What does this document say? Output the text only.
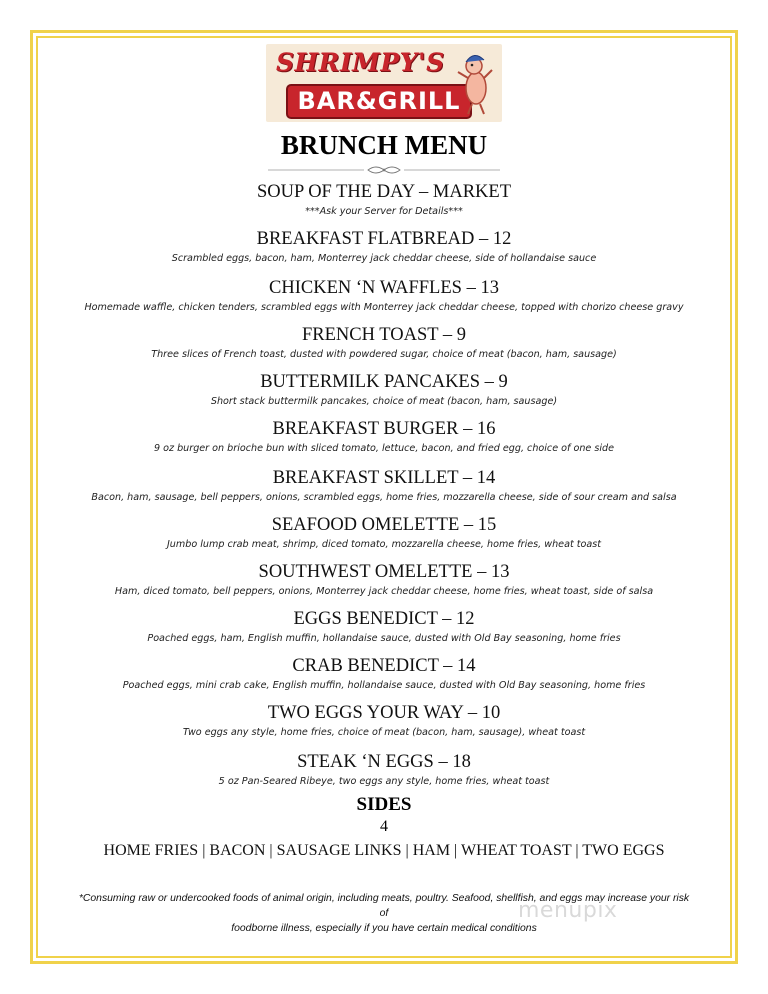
SHRIMPY'S
BAR&GRILL
BRUNCH MENU
SOUP OF THE DAY – MARKET
***Ask your Server for Details***
BREAKFAST FLATBREAD – 12
Scrambled eggs, bacon, ham, Monterrey jack cheddar cheese, side of hollandaise sauce
CHICKEN ‘N WAFFLES – 13
Homemade waffle, chicken tenders, scrambled eggs with Monterrey jack cheddar cheese, topped with chorizo cheese gravy
FRENCH TOAST – 9
Three slices of French toast, dusted with powdered sugar, choice of meat (bacon, ham, sausage)
BUTTERMILK PANCAKES – 9
Short stack buttermilk pancakes, choice of meat (bacon, ham, sausage)
BREAKFAST BURGER – 16
9 oz burger on brioche bun with sliced tomato, lettuce, bacon, and fried egg, choice of one side
BREAKFAST SKILLET – 14
Bacon, ham, sausage, bell peppers, onions, scrambled eggs, home fries, mozzarella cheese, side of sour cream and salsa
SEAFOOD OMELETTE – 15
Jumbo lump crab meat, shrimp, diced tomato, mozzarella cheese, home fries, wheat toast
SOUTHWEST OMELETTE – 13
Ham, diced tomato, bell peppers, onions, Monterrey jack cheddar cheese, home fries, wheat toast, side of salsa
EGGS BENEDICT – 12
Poached eggs, ham, English muffin, hollandaise sauce, dusted with Old Bay seasoning, home fries
CRAB BENEDICT – 14
Poached eggs, mini crab cake, English muffin, hollandaise sauce, dusted with Old Bay seasoning, home fries
TWO EGGS YOUR WAY – 10
Two eggs any style, home fries, choice of meat (bacon, ham, sausage), wheat toast
STEAK ‘N EGGS – 18
5 oz Pan-Seared Ribeye, two eggs any style, home fries, wheat toast
SIDES
4
HOME FRIES | BACON | SAUSAGE LINKS | HAM | WHEAT TOAST | TWO EGGS
*Consuming raw or undercooked foods of animal origin, including meats, poultry. Seafood, shellfish, and eggs may increase your risk of
foodborne illness, especially if you have certain medical conditions
menupix
